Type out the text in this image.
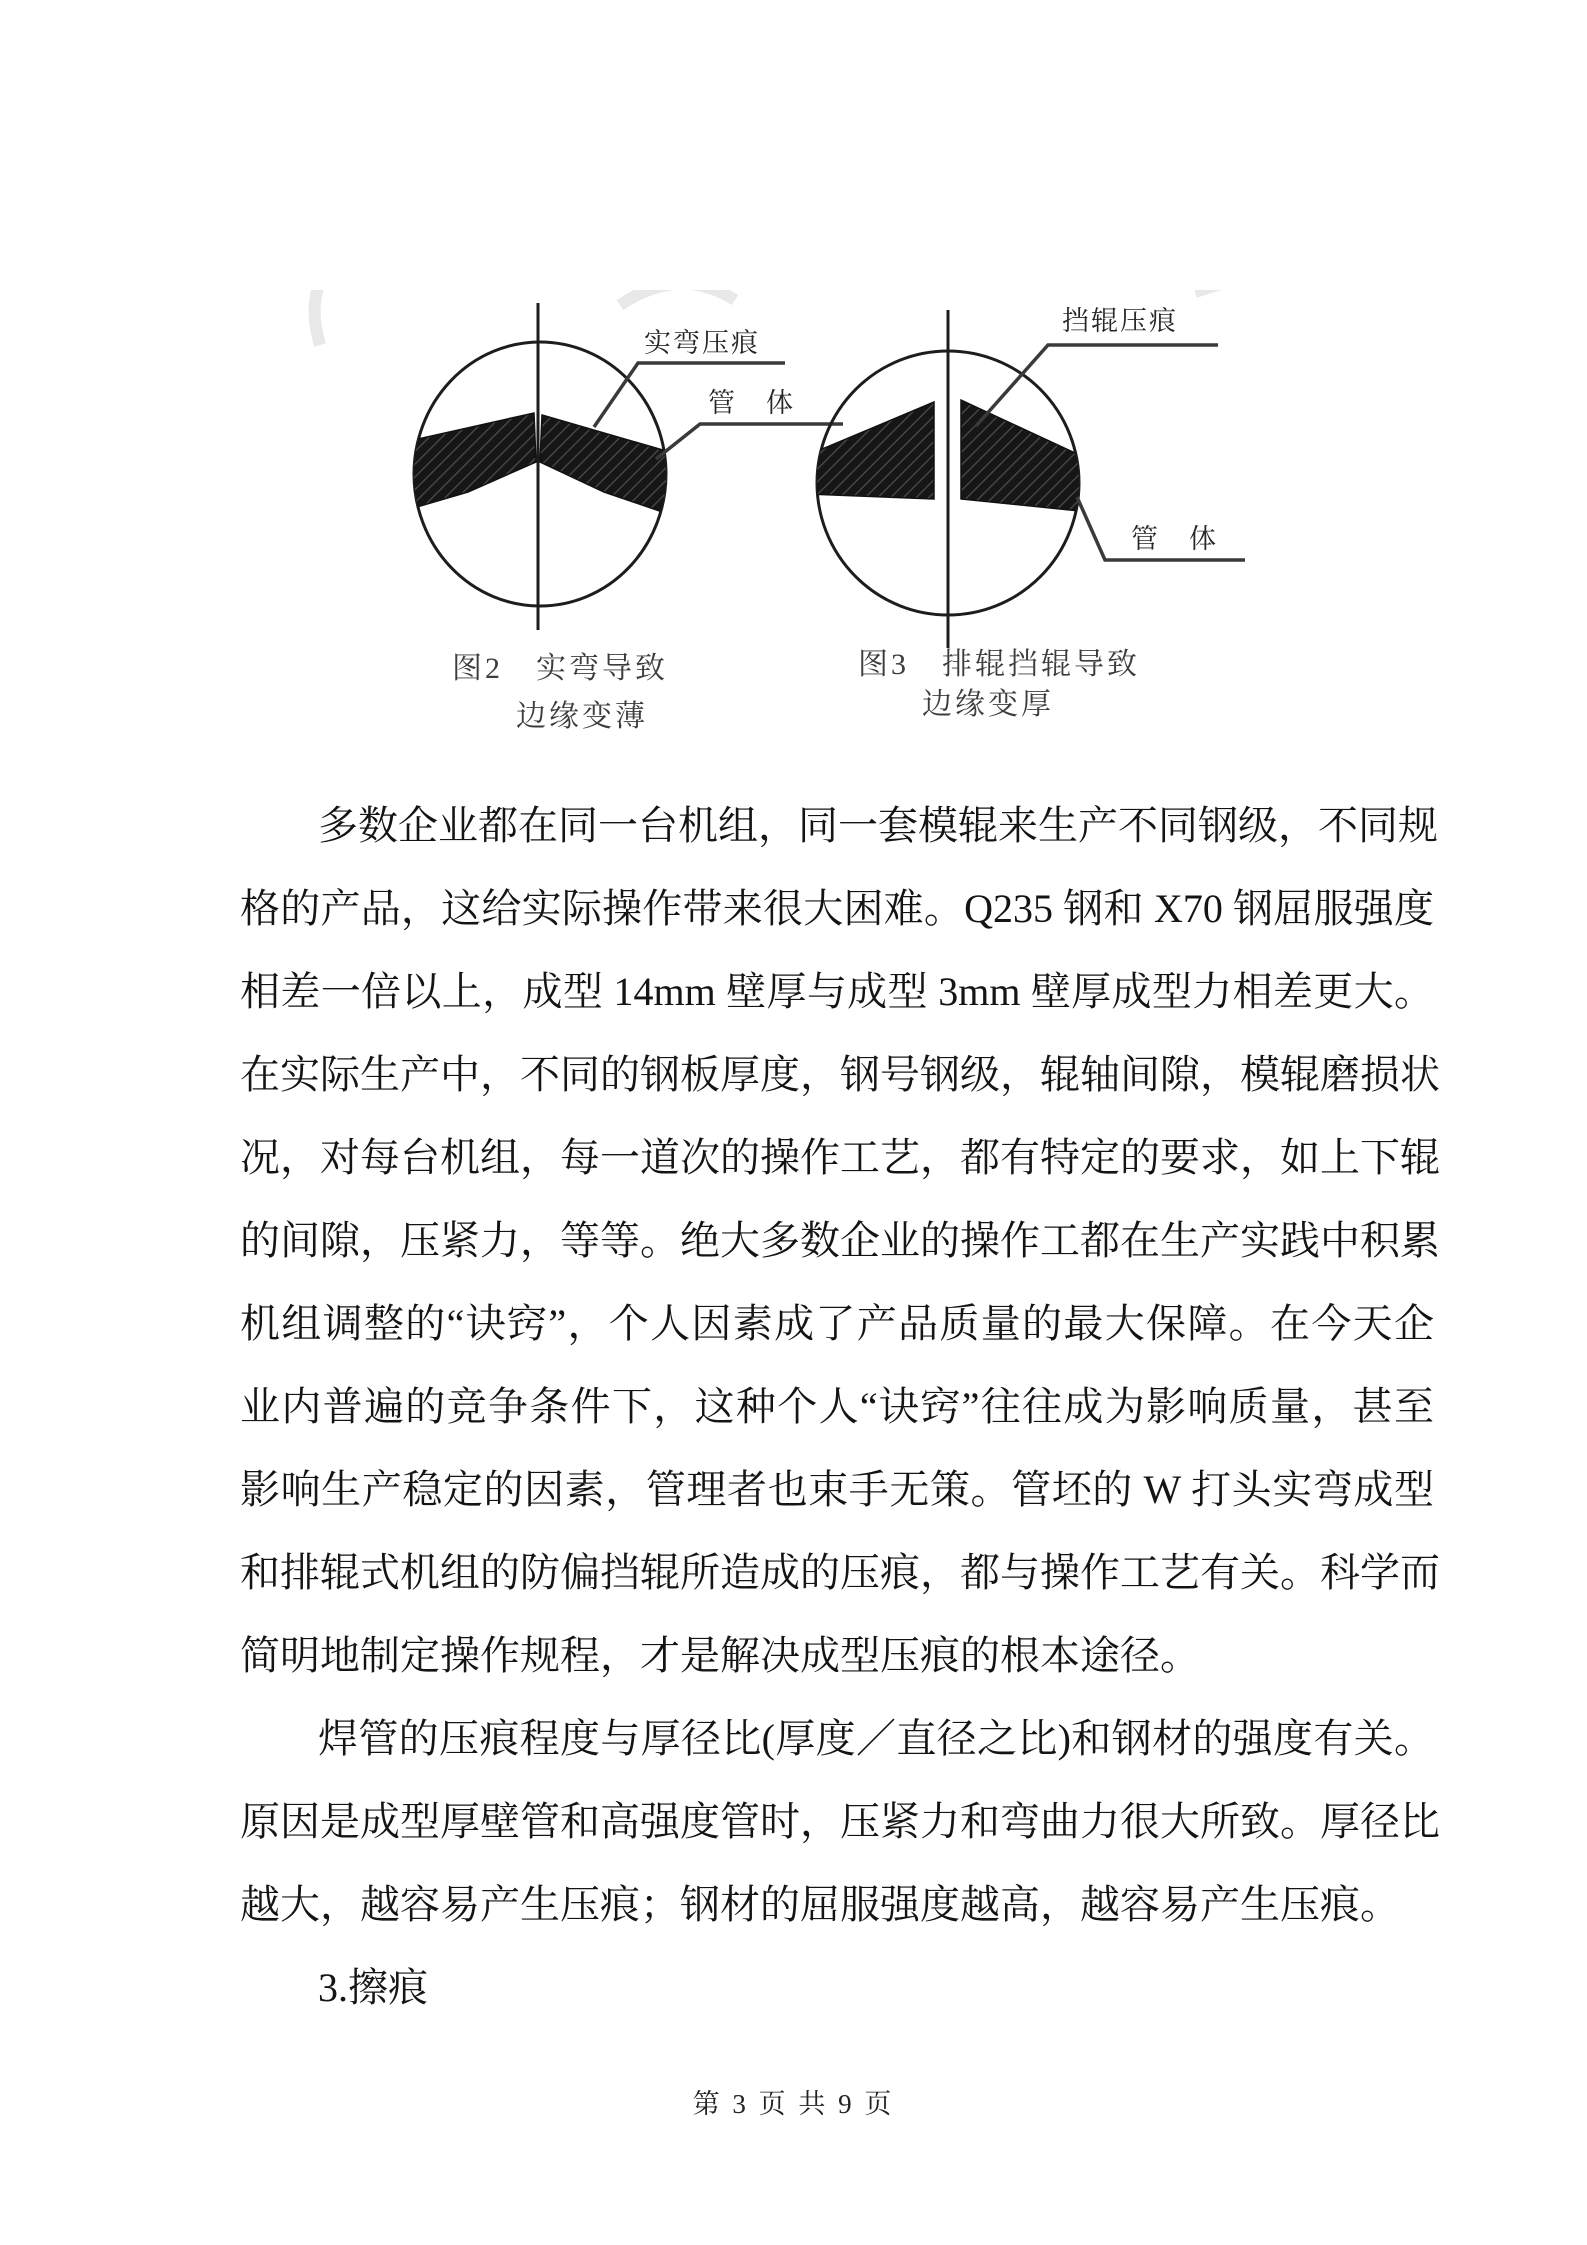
实弯压痕
管　体
图2　实弯导致
边缘变薄
挡辊压痕
管　体
图3　排辊挡辊导致
边缘变厚
多数企业都在同一台机组，同一套模辊来生产不同钢级，不同规
格的产品，这给实际操作带来很大困难。Q235 钢和 X70 钢屈服强度
相差一倍以上，成型 14mm 壁厚与成型 3mm 壁厚成型力相差更大。
在实际生产中，不同的钢板厚度，钢号钢级，辊轴间隙，模辊磨损状
况，对每台机组，每一道次的操作工艺，都有特定的要求，如上下辊
的间隙，压紧力，等等。绝大多数企业的操作工都在生产实践中积累
机组调整的“诀窍”，个人因素成了产品质量的最大保障。在今天企
业内普遍的竞争条件下，这种个人“诀窍”往往成为影响质量，甚至
影响生产稳定的因素，管理者也束手无策。管坯的 W 打头实弯成型
和排辊式机组的防偏挡辊所造成的压痕，都与操作工艺有关。科学而
简明地制定操作规程，才是解决成型压痕的根本途径。
焊管的压痕程度与厚径比(厚度／直径之比)和钢材的强度有关。
原因是成型厚壁管和高强度管时，压紧力和弯曲力很大所致。厚径比
越大，越容易产生压痕；钢材的屈服强度越高，越容易产生压痕。
3.擦痕
第 3 页 共 9 页
